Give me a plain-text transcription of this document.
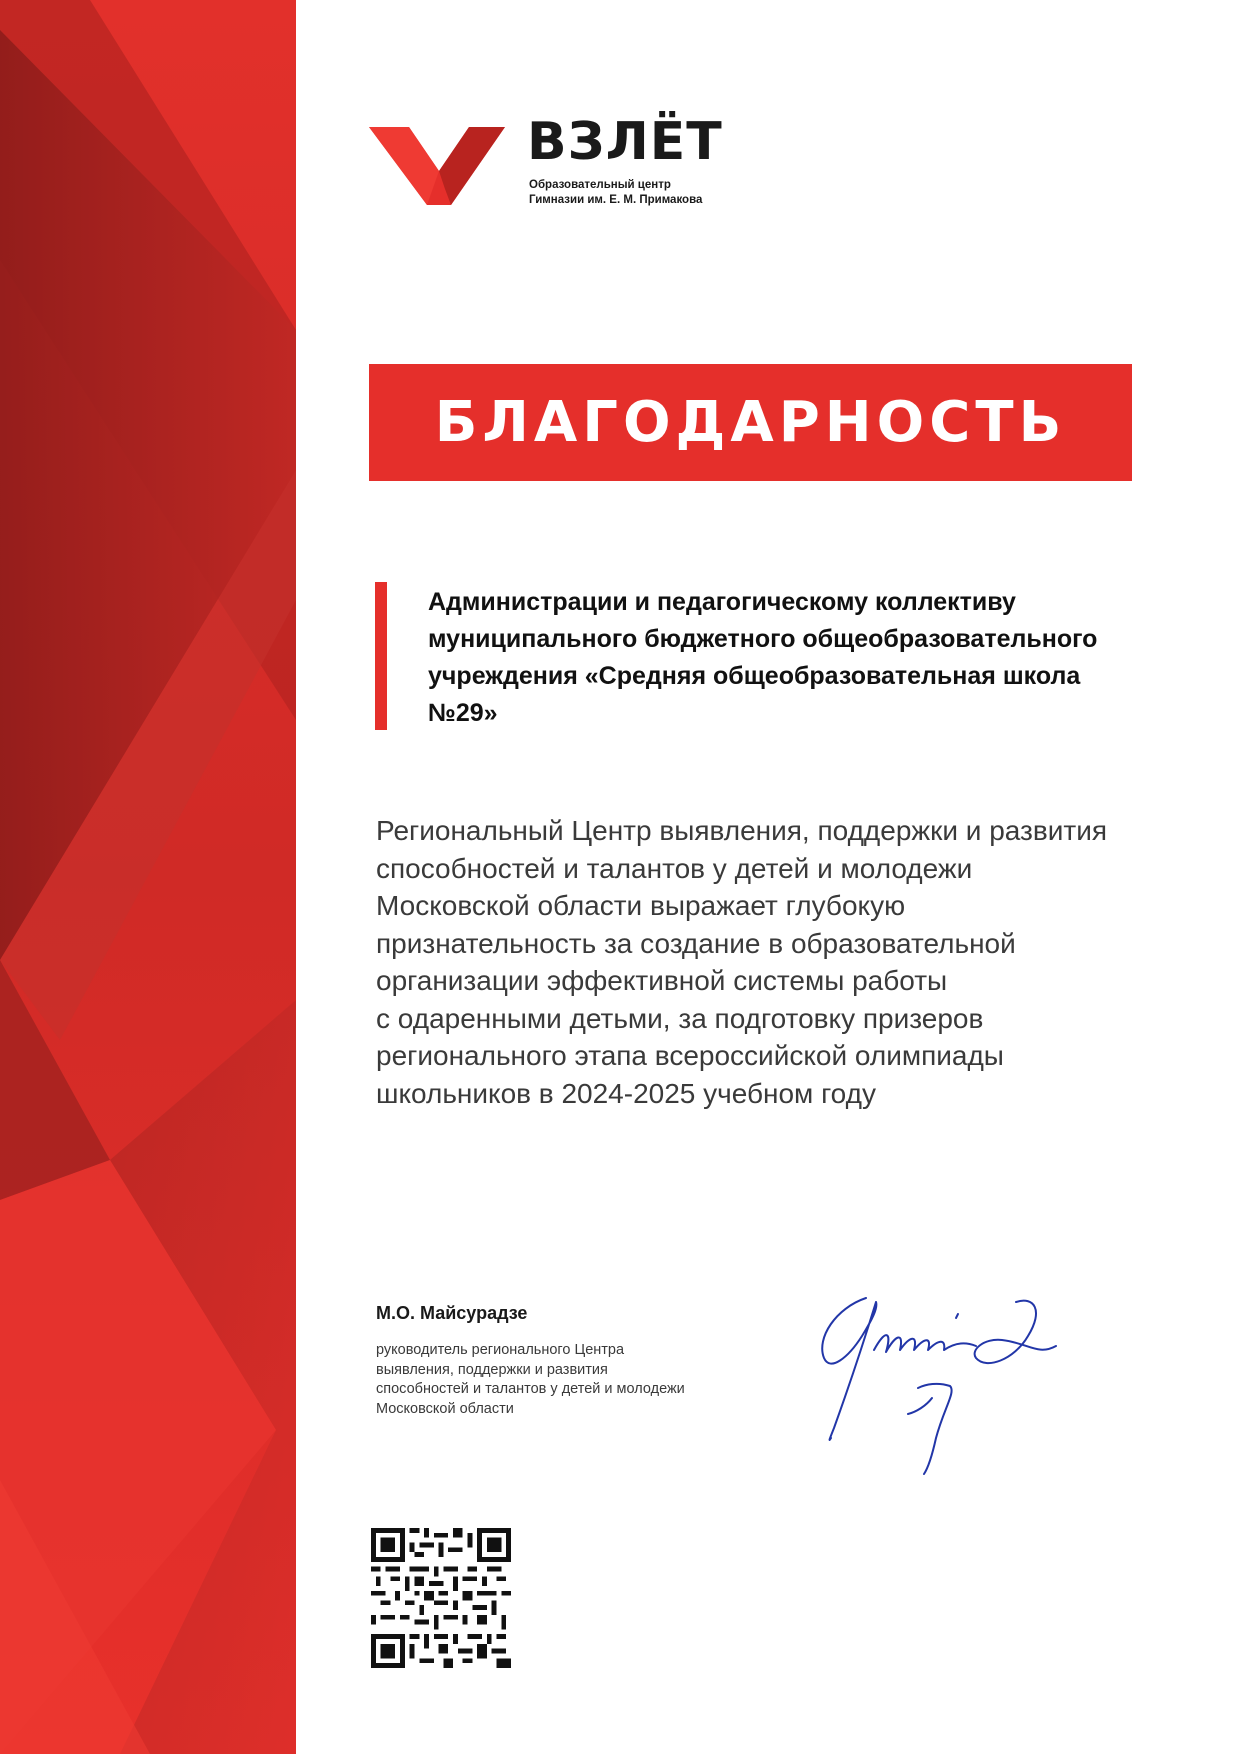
ВЗЛЁТ
Образовательный центр
Гимназии им. Е. М. Примакова
БЛАГОДАРНОСТЬ
Администрации и педагогическому коллективу муниципального бюджетного общеобразовательного учреждения «Средняя общеобразовательная школа №29»
Региональный Центр выявления, поддержки и развития
способностей и талантов у детей и молодежи
Московской области выражает глубокую
признательность за создание в образовательной
организации эффективной системы работы
с одаренными детьми, за подготовку призеров
регионального этапа всероссийской олимпиады
школьников в 2024-2025 учебном году
М.О. Майсурадзе
руководитель регионального Центра
выявления, поддержки и развития
способностей и талантов у детей и молодежи
Московской области
